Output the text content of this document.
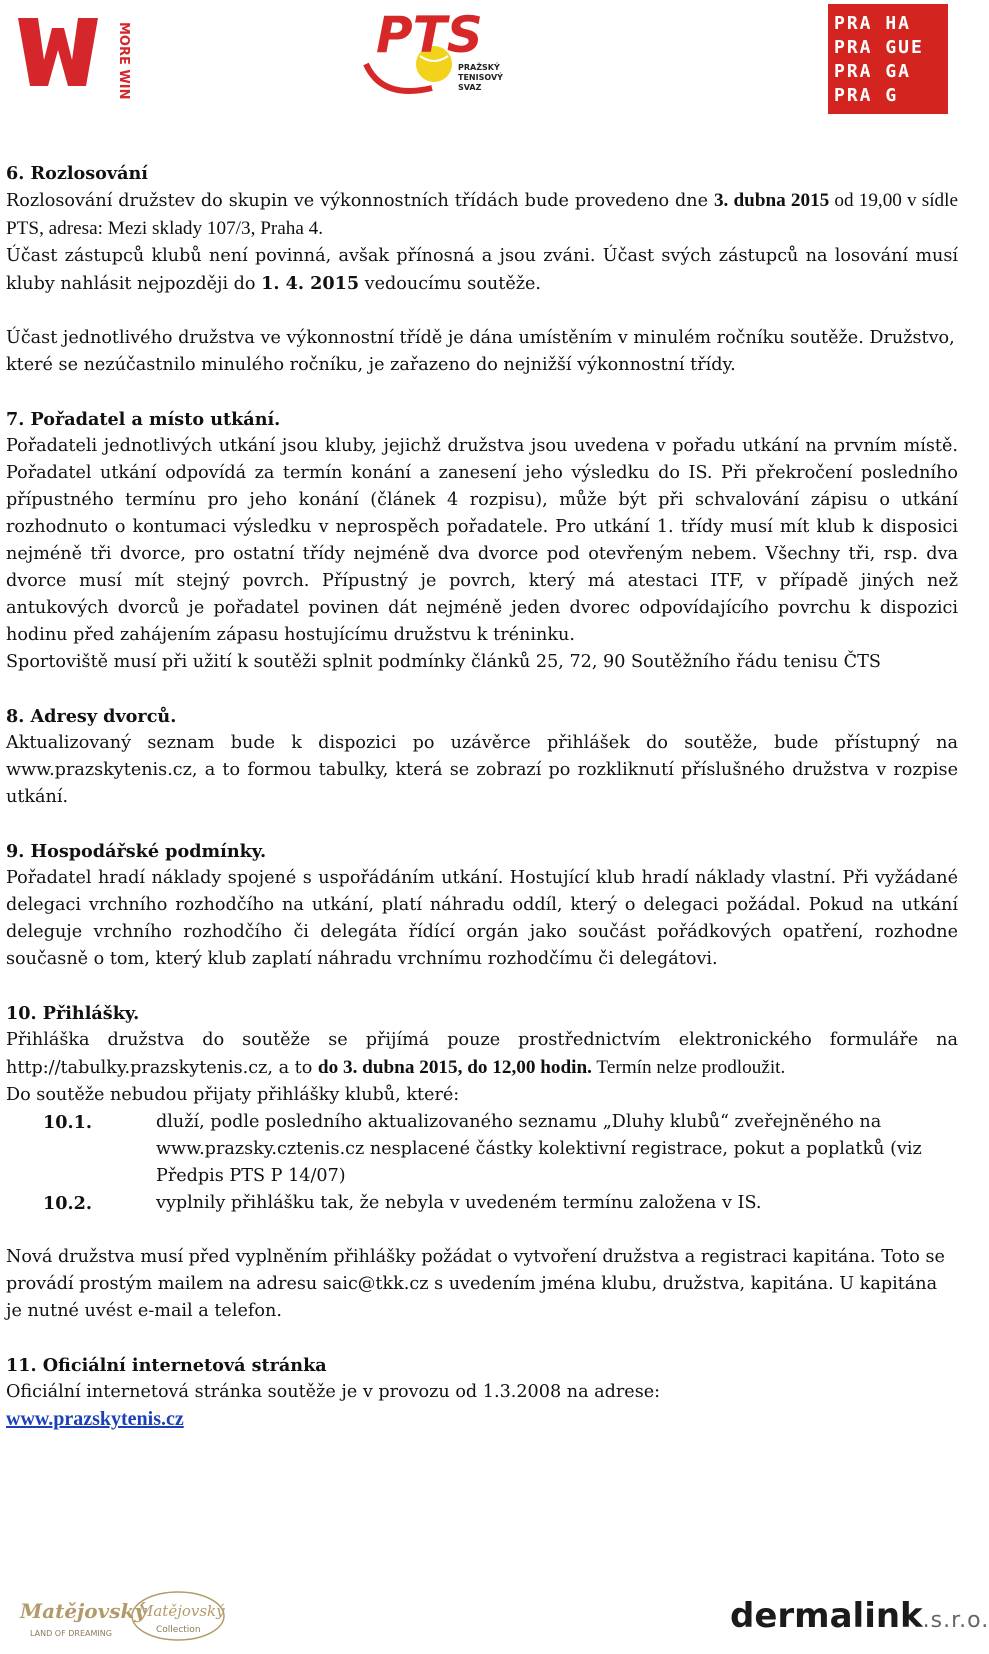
MORE WIN	PTS
PRAŽSKÝ
TENISOVÝ
SVAZ
PRA HA
PRA GUE
PRA GA
PRA G

6. Rozlosování

Rozlosování družstev do skupin ve výkonnostních třídách bude provedeno dne 3. dubna 2015 od 19,00 v sídle PTS, adresa: Mezi sklady 107/3, Praha 4.

Účast zástupců klubů není povinná, avšak přínosná a jsou zváni. Účast svých zástupců na losování musí kluby nahlásit nejpozději do 1. 4. 2015 vedoucímu soutěže.

Účast jednotlivého družstva ve výkonnostní třídě je dána umístěním v minulém ročníku soutěže. Družstvo, které se nezúčastnilo minulého ročníku, je zařazeno do nejnižší výkonnostní třídy.

7. Pořadatel a místo utkání.

Pořadateli jednotlivých utkání jsou kluby, jejichž družstva jsou uvedena v pořadu utkání na prvním místě. Pořadatel utkání odpovídá za termín konání a zanesení jeho výsledku do IS. Při překročení posledního přípustného termínu pro jeho konání (článek 4 rozpisu), může být při schvalování zápisu o utkání rozhodnuto o kontumaci výsledku v neprospěch pořadatele. Pro utkání 1. třídy musí mít klub k disposici nejméně tři dvorce, pro ostatní třídy nejméně dva dvorce pod otevřeným nebem. Všechny tři, rsp. dva dvorce musí mít stejný povrch. Přípustný je povrch, který má atestaci ITF, v případě jiných než antukových dvorců je pořadatel povinen dát nejméně jeden dvorec odpovídajícího povrchu k dispozici hodinu před zahájením zápasu hostujícímu družstvu k tréninku.

Sportoviště musí při užití k soutěži splnit podmínky článků 25, 72, 90 Soutěžního řádu tenisu ČTS

8. Adresy dvorců.

Aktualizovaný seznam bude k dispozici po uzávěrce přihlášek do soutěže, bude přístupný na www.prazskytenis.cz, a to formou tabulky, která se zobrazí po rozkliknutí příslušného družstva v rozpise utkání.

9. Hospodářské podmínky.

Pořadatel hradí náklady spojené s uspořádáním utkání. Hostující klub hradí náklady vlastní. Při vyžádané delegaci vrchního rozhodčího na utkání, platí náhradu oddíl, který o delegaci požádal. Pokud na utkání deleguje vrchního rozhodčího či delegáta řídící orgán jako součást pořádkových opatření, rozhodne současně o tom, který klub zaplatí náhradu vrchnímu rozhodčímu či delegátovi.

10. Přihlášky.

Přihláška družstva do soutěže se přijímá pouze prostřednictvím elektronického formuláře na http://tabulky.prazskytenis.cz, a to do 3. dubna 2015, do 12,00 hodin. Termín nelze prodloužit.

Do soutěže nebudou přijaty přihlášky klubů, které:

10.1.	dluží, podle posledního aktualizovaného seznamu „Dluhy klubů“ zveřejněného na www.prazsky.cztenis.cz nesplacené částky kolektivní registrace, pokut a poplatků (viz Předpis PTS P 14/07)
10.2.	vyplnily přihlášku tak, že nebyla v uvedeném termínu založena v IS.

Nová družstva musí před vyplněním přihlášky požádat o vytvoření družstva a registraci kapitána. Toto se provádí prostým mailem na adresu saic@tkk.cz s uvedením jména klubu, družstva, kapitána. U kapitána je nutné uvést e-mail a telefon.

11. Oficiální internetová stránka

Oficiální internetová stránka soutěže je v provozu od 1.3.2008 na adrese:

www.prazskytenis.cz

Matějovský
LAND OF DREAMING
Matějovský
Collection	dermalink.s.r.o.
